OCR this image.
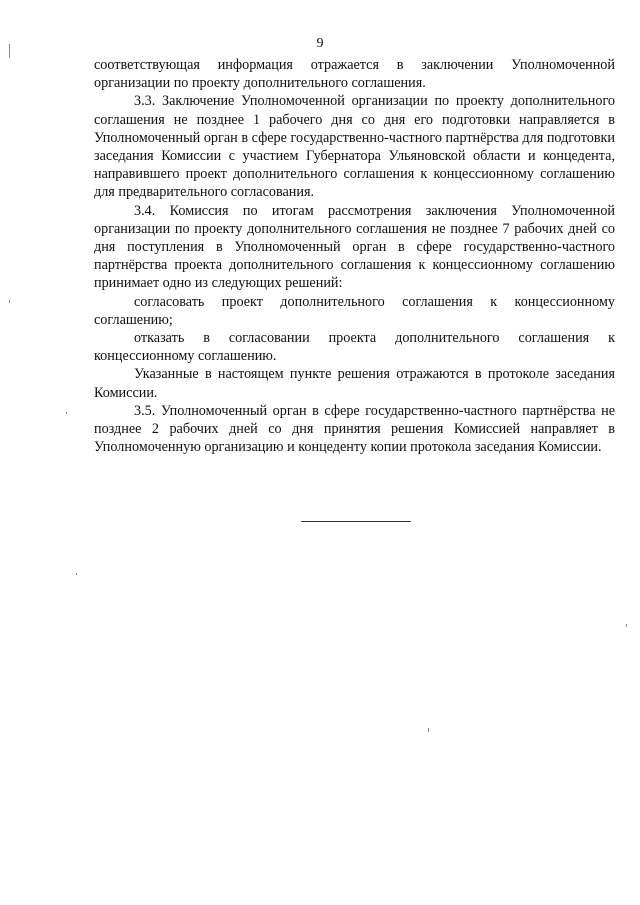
9

соответствующая информация отражается в заключении Уполномоченной организации по проекту дополнительного соглашения.

3.3. Заключение Уполномоченной организации по проекту дополнительного соглашения не позднее 1 рабочего дня со дня его подготовки направляется в Уполномоченный орган в сфере государственно-частного партнёрства для подготовки заседания Комиссии с участием Губернатора Ульяновской области и концедента, направившего проект дополнительного соглашения к концессионному соглашению для предварительного согласования.

3.4. Комиссия по итогам рассмотрения заключения Уполномоченной организации по проекту дополнительного соглашения не позднее 7 рабочих дней со дня поступления в Уполномоченный орган в сфере государственно-частного партнёрства проекта дополнительного соглашения к концессионному соглашению принимает одно из следующих решений:

согласовать проект дополнительного соглашения к концессионному соглашению;

отказать в согласовании проекта дополнительного соглашения к концессионному соглашению.

Указанные в настоящем пункте решения отражаются в протоколе заседания Комиссии.

3.5. Уполномоченный орган в сфере государственно-частного партнёрства не позднее 2 рабочих дней со дня принятия решения Комиссией направляет в Уполномоченную организацию и концеденту копии протокола заседания Комиссии.
